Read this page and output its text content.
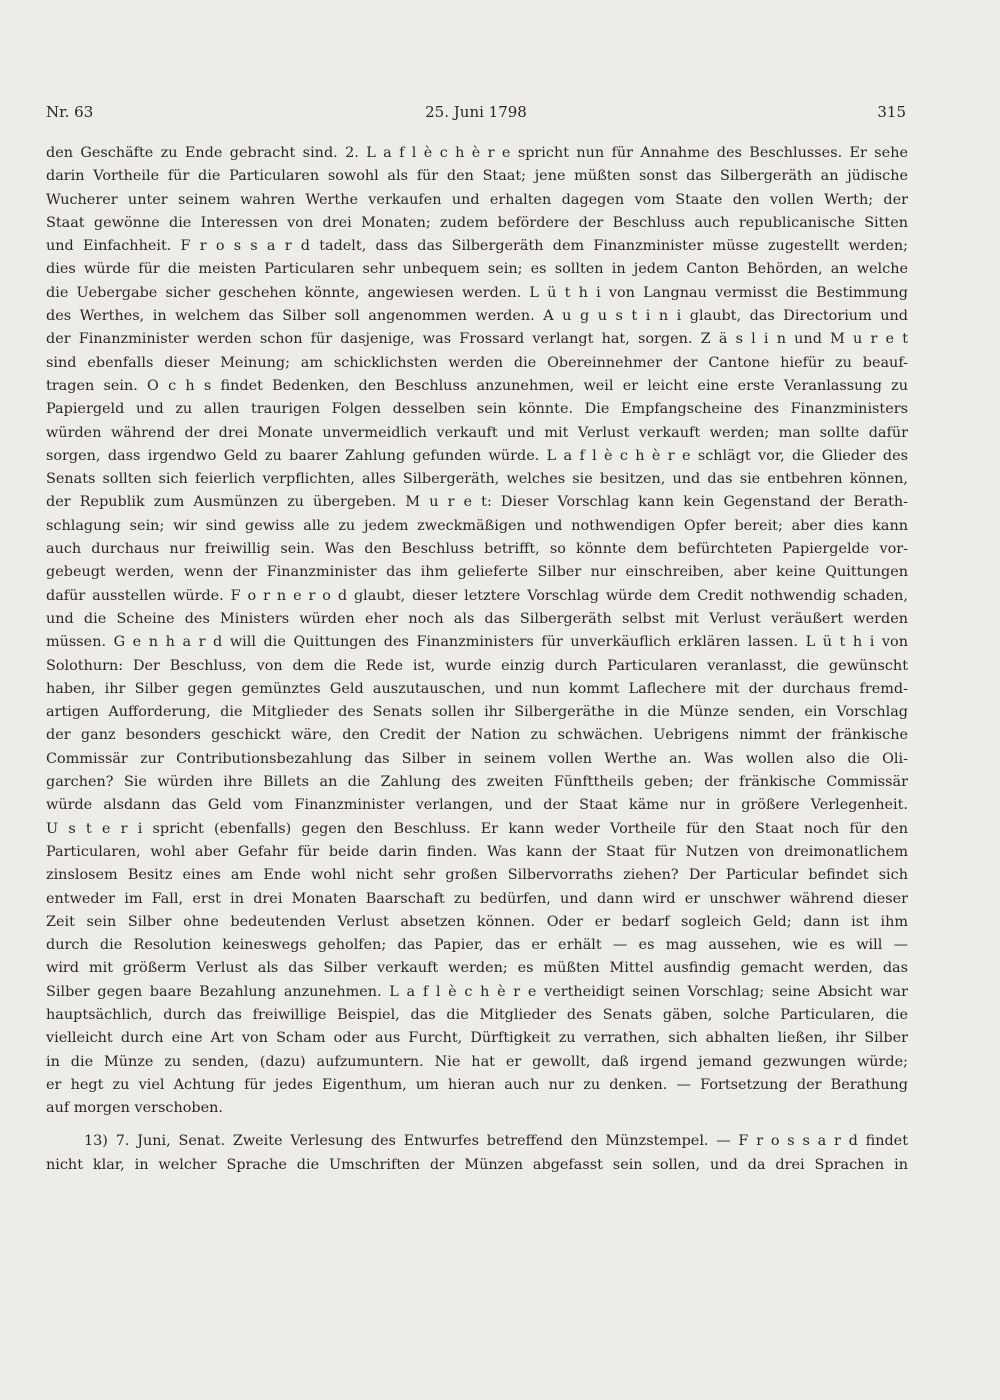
Nr. 63	25. Juni 1798	315
den Geschäfte zu Ende gebracht sind. 2. L a f l è c h è r e spricht nun für Annahme des Beschlusses. Er sehe
darin Vortheile für die Particularen sowohl als für den Staat; jene müßten sonst das Silbergeräth an jüdische
Wucherer unter seinem wahren Werthe verkaufen und erhalten dagegen vom Staate den vollen Werth; der
Staat gewönne die Interessen von drei Monaten; zudem befördere der Beschluss auch republicanische Sitten
und Einfachheit. F r o s s a r d tadelt, dass das Silbergeräth dem Finanzminister müsse zugestellt werden;
dies würde für die meisten Particularen sehr unbequem sein; es sollten in jedem Canton Behörden, an welche
die Uebergabe sicher geschehen könnte, angewiesen werden. L ü t h i von Langnau vermisst die Bestimmung
des Werthes, in welchem das Silber soll angenommen werden. A u g u s t i n i glaubt, das Directorium und
der Finanzminister werden schon für dasjenige, was Frossard verlangt hat, sorgen. Z ä s l i n und M u r e t
sind ebenfalls dieser Meinung; am schicklichsten werden die Obereinnehmer der Cantone hiefür zu beauf-
tragen sein. O c h s findet Bedenken, den Beschluss anzunehmen, weil er leicht eine erste Veranlassung zu
Papiergeld und zu allen traurigen Folgen desselben sein könnte. Die Empfangscheine des Finanzministers
würden während der drei Monate unvermeidlich verkauft und mit Verlust verkauft werden; man sollte dafür
sorgen, dass irgendwo Geld zu baarer Zahlung gefunden würde. L a f l è c h è r e schlägt vor, die Glieder des
Senats sollten sich feierlich verpflichten, alles Silbergeräth, welches sie besitzen, und das sie entbehren können,
der Republik zum Ausmünzen zu übergeben. M u r e t: Dieser Vorschlag kann kein Gegenstand der Berath-
schlagung sein; wir sind gewiss alle zu jedem zweckmäßigen und nothwendigen Opfer bereit; aber dies kann
auch durchaus nur freiwillig sein. Was den Beschluss betrifft, so könnte dem befürchteten Papiergelde vor-
gebeugt werden, wenn der Finanzminister das ihm gelieferte Silber nur einschreiben, aber keine Quittungen
dafür ausstellen würde. F o r n e r o d glaubt, dieser letztere Vorschlag würde dem Credit nothwendig schaden,
und die Scheine des Ministers würden eher noch als das Silbergeräth selbst mit Verlust veräußert werden
müssen. G e n h a r d will die Quittungen des Finanzministers für unverkäuflich erklären lassen. L ü t h i von
Solothurn: Der Beschluss, von dem die Rede ist, wurde einzig durch Particularen veranlasst, die gewünscht
haben, ihr Silber gegen gemünztes Geld auszutauschen, und nun kommt Laflechere mit der durchaus fremd-
artigen Aufforderung, die Mitglieder des Senats sollen ihr Silbergeräthe in die Münze senden, ein Vorschlag
der ganz besonders geschickt wäre, den Credit der Nation zu schwächen. Uebrigens nimmt der fränkische
Commissär zur Contributionsbezahlung das Silber in seinem vollen Werthe an. Was wollen also die Oli-
garchen? Sie würden ihre Billets an die Zahlung des zweiten Fünfttheils geben; der fränkische Commissär
würde alsdann das Geld vom Finanzminister verlangen, und der Staat käme nur in größere Verlegenheit.
U s t e r i spricht (ebenfalls) gegen den Beschluss. Er kann weder Vortheile für den Staat noch für den
Particularen, wohl aber Gefahr für beide darin finden. Was kann der Staat für Nutzen von dreimonatlichem
zinslosem Besitz eines am Ende wohl nicht sehr großen Silbervorraths ziehen? Der Particular befindet sich
entweder im Fall, erst in drei Monaten Baarschaft zu bedürfen, und dann wird er unschwer während dieser
Zeit sein Silber ohne bedeutenden Verlust absetzen können. Oder er bedarf sogleich Geld; dann ist ihm
durch die Resolution keineswegs geholfen; das Papier, das er erhält — es mag aussehen, wie es will —
wird mit größerm Verlust als das Silber verkauft werden; es müßten Mittel ausfindig gemacht werden, das
Silber gegen baare Bezahlung anzunehmen. L a f l è c h è r e vertheidigt seinen Vorschlag; seine Absicht war
hauptsächlich, durch das freiwillige Beispiel, das die Mitglieder des Senats gäben, solche Particularen, die
vielleicht durch eine Art von Scham oder aus Furcht, Dürftigkeit zu verrathen, sich abhalten ließen, ihr Silber
in die Münze zu senden, (dazu) aufzumuntern. Nie hat er gewollt, daß irgend jemand gezwungen würde;
er hegt zu viel Achtung für jedes Eigenthum, um hieran auch nur zu denken. — Fortsetzung der Berathung
auf morgen verschoben.
13) 7. Juni, Senat. Zweite Verlesung des Entwurfes betreffend den Münzstempel. — F r o s s a r d findet
nicht klar, in welcher Sprache die Umschriften der Münzen abgefasst sein sollen, und da drei Sprachen in
